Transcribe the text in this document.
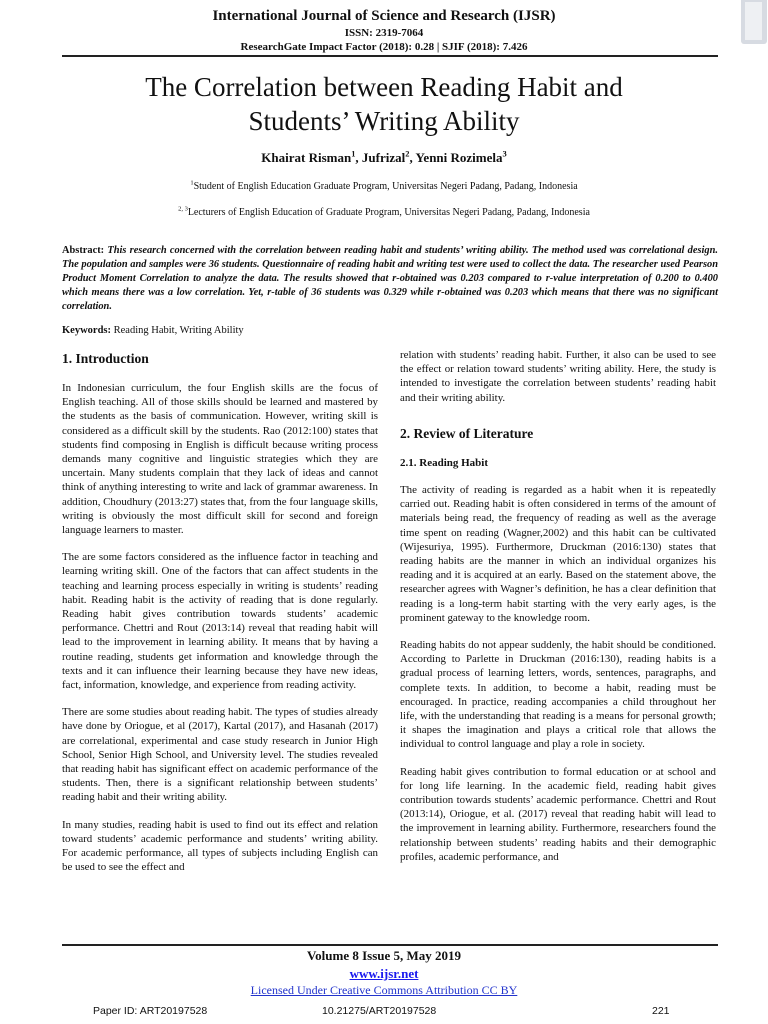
International Journal of Science and Research (IJSR)
ISSN: 2319-7064
ResearchGate Impact Factor (2018): 0.28 | SJIF (2018): 7.426
The Correlation between Reading Habit and
Students’ Writing Ability
Khairat Risman$^1$, Jufrizal$^2$, Yenni Rozimela$^3$
$^1$Student of English Education Graduate Program, Universitas Negeri Padang, Padang, Indonesia
$^{2, 3}$Lecturers of English Education of Graduate Program, Universitas Negeri Padang, Padang, Indonesia
Abstract: This research concerned with the correlation between reading habit and students’ writing ability. The method used was correlational design. The population and samples were 36 students. Questionnaire of reading habit and writing test were used to collect the data. The researcher used Pearson Product Moment Correlation to analyze the data. The results showed that r-obtained was 0.203 compared to r-value interpretation of 0.200 to 0.400 which means there was a low correlation. Yet, r-table of 36 students was 0.329 while r-obtained was 0.203 which means that there was no significant correlation.
Keywords: Reading Habit, Writing Ability
1. Introduction

In Indonesian curriculum, the four English skills are the focus of English teaching. All of those skills should be learned and mastered by the students as the basis of communication. However, writing skill is considered as a difficult skill by the students. Rao (2012:100) states that students find composing in English is difficult because writing process demands many cognitive and linguistic strategies which they are uncertain. Many students complain that they lack of ideas and cannot think of anything interesting to write and lack of grammar awareness. In addition, Choudhury (2013:27) states that, from the four language skills, writing is obviously the most difficult skill for second and foreign language learners to master.

The are some factors considered as the influence factor in teaching and learning writing skill. One of the factors that can affect students in the teaching and learning process especially in writing is students’ reading habit. Reading habit is the activity of reading that is done regularly. Reading habit gives contribution towards students’ academic performance. Chettri and Rout (2013:14) reveal that reading habit will lead to the improvement in learning ability. It means that by having a routine reading, students get information and knowledge through the texts and it can influence their learning because they have new ideas, fact, information, knowledge, and experience from reading activity.

There are some studies about reading habit. The types of studies already have done by Oriogue, et al (2017), Kartal (2017), and Hasanah (2017) are correlational, experimental and case study research in Junior High School, Senior High School, and University level. The studies revealed that reading habit has significant effect on academic performance of the students. Then, there is a significant relationship between students’ reading habit and their writing ability.

In many studies, reading habit is used to find out its effect and relation toward students’ academic performance and students’ writing ability. For academic performance, all types of subjects including English can be used to see the effect and

relation with students’ reading habit. Further, it also can be used to see the effect or relation toward students’ writing ability. Here, the study is intended to investigate the correlation between students’ reading habit and their writing ability.

2. Review of Literature
2.1. Reading Habit

The activity of reading is regarded as a habit when it is repeatedly carried out. Reading habit is often considered in terms of the amount of materials being read, the frequency of reading as well as the average time spent on reading (Wagner,2002) and this habit can be cultivated (Wijesuriya, 1995). Furthermore, Druckman (2016:130) states that reading habits are the manner in which an individual organizes his reading and it is acquired at an early. Based on the statement above, the researcher agrees with Wagner’s definition, he has a clear definition that reading is a long-term habit starting with the very early ages, is the prominent gateway to the knowledge room.

Reading habits do not appear suddenly, the habit should be conditioned. According to Parlette in Druckman (2016:130), reading habits is a gradual process of learning letters, words, sentences, paragraphs, and complete texts. In addition, to become a habit, reading must be encouraged. In practice, reading accompanies a child throughout her life, with the understanding that reading is a means for personal growth; it shapes the imagination and plays a critical role that allows the individual to control language and play a role in society.

Reading habit gives contribution to formal education or at school and for long life learning. In the academic field, reading habit gives contribution towards students’ academic performance. Chettri and Rout (2013:14), Oriogue, et al. (2017) reveal that reading habit will lead to the improvement in learning ability. Furthermore, researchers found the relationship between students’ reading habits and their demographic profiles, academic performance, and

Volume 8 Issue 5, May 2019
www.ijsr.net
Licensed Under Creative Commons Attribution CC BY
Paper ID: ART20197528	10.21275/ART20197528	221
